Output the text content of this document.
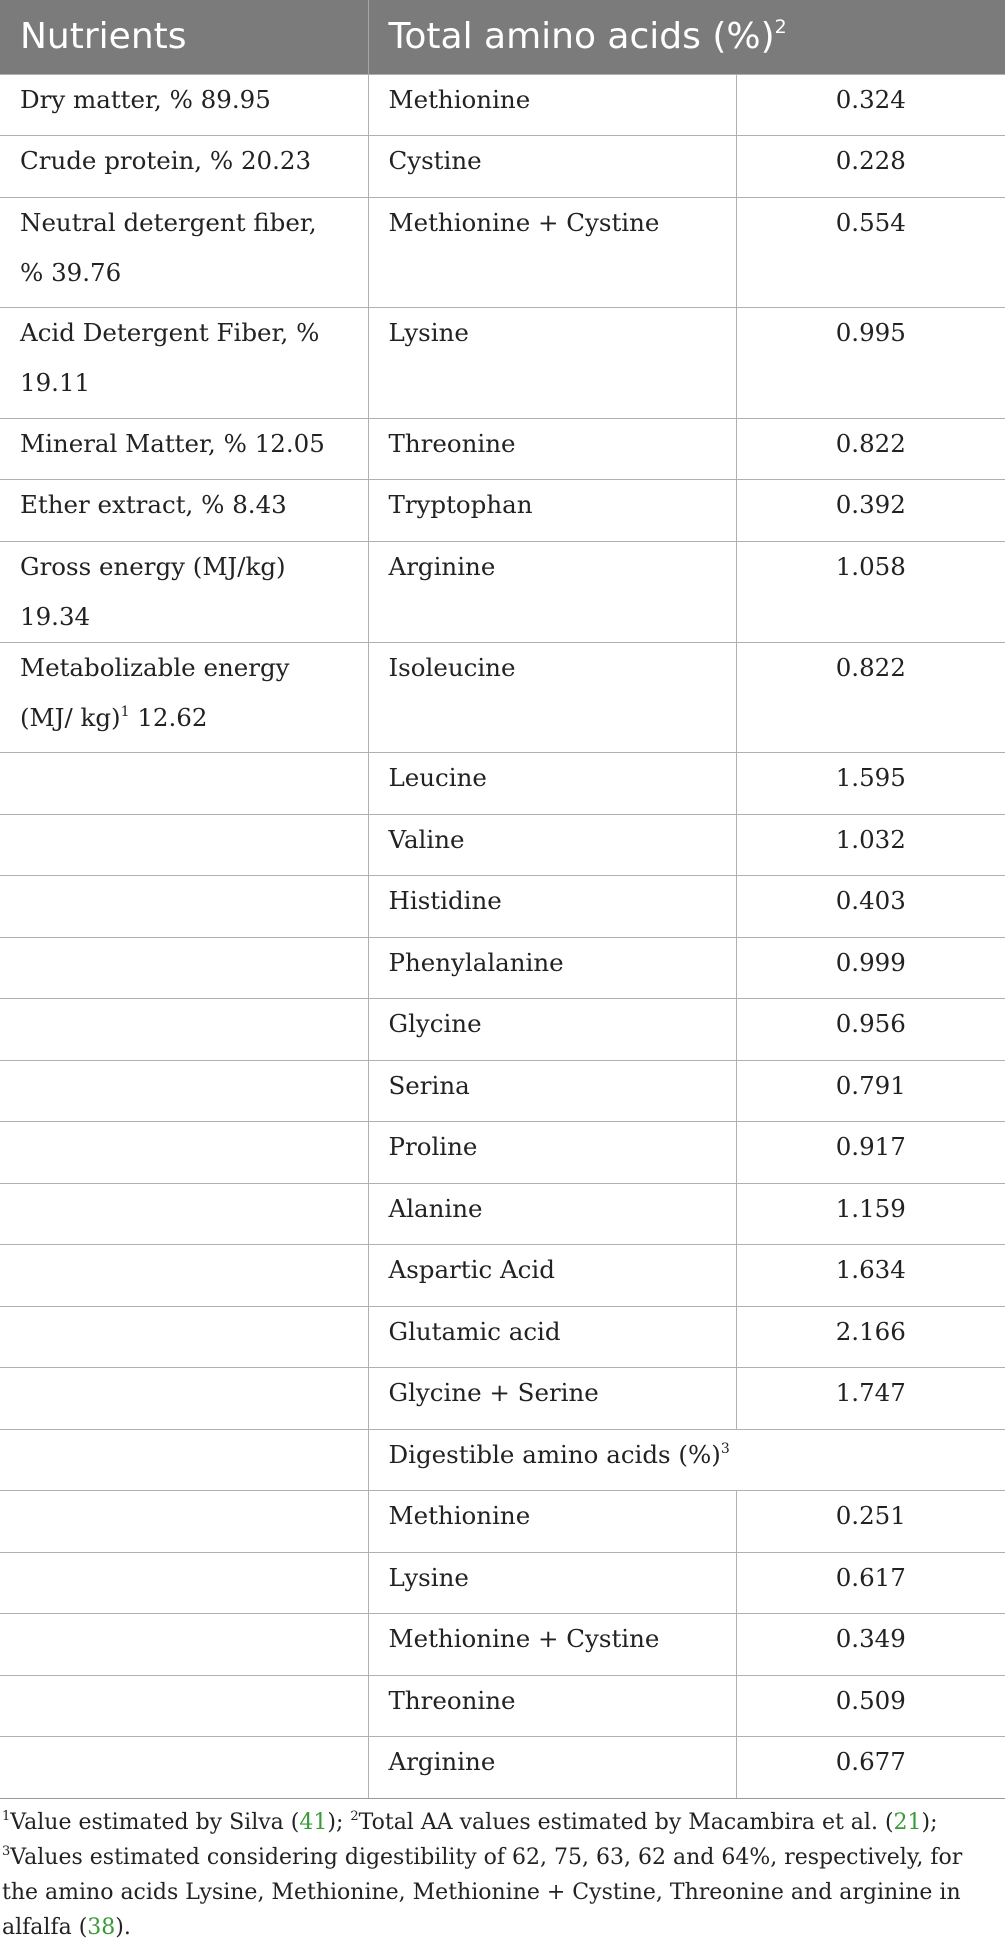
Nutrients	Total amino acids (%)$^2$
Dry matter, % 89.95	Methionine	0.324
Crude protein, % 20.23	Cystine	0.228
Neutral detergent fiber, % 39.76	Methionine + Cystine	0.554
Acid Detergent Fiber, % 19.11	Lysine	0.995
Mineral Matter, % 12.05	Threonine	0.822
Ether extract, % 8.43	Tryptophan	0.392
Gross energy (MJ/kg) 19.34	Arginine	1.058
Metabolizable energy (MJ/ kg)$^1$ 12.62	Isoleucine	0.822
	Leucine	1.595
	Valine	1.032
	Histidine	0.403
	Phenylalanine	0.999
	Glycine	0.956
	Serina	0.791
	Proline	0.917
	Alanine	1.159
	Aspartic Acid	1.634
	Glutamic acid	2.166
	Glycine + Serine	1.747
	Digestible amino acids (%)$^3$
	Methionine	0.251
	Lysine	0.617
	Methionine + Cystine	0.349
	Threonine	0.509
	Arginine	0.677
$^1$Value estimated by Silva (41); $^2$Total AA values estimated by Macambira et al. (21); $^3$Values estimated considering digestibility of 62, 75, 63, 62 and 64%, respectively, for the amino acids Lysine, Methionine, Methionine + Cystine, Threonine and arginine in alfalfa (38).
